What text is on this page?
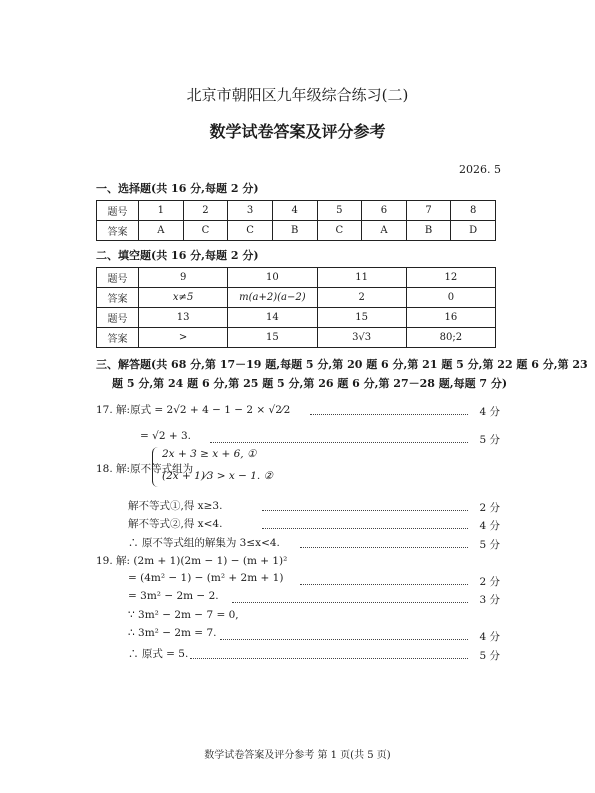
北京市朝阳区九年级综合练习(二)
数学试卷答案及评分参考
2026. 5
一、选择题(共 16 分,每题 2 分)
题号	1	2	3	4	5	6	7	8
答案	A	C	C	B	C	A	B	D
二、填空题(共 16 分,每题 2 分)
题号	9	10	11	12
答案	x≠5	m(a+2)(a−2)	2	0
题号	13	14	15	16
答案	>	15	3√3	80;2
三、解答题(共 68 分,第 17－19 题,每题 5 分,第 20 题 6 分,第 21 题 5 分,第 22 题 6 分,第 23
题 5 分,第 24 题 6 分,第 25 题 5 分,第 26 题 6 分,第 27－28 题,每题 7 分)
17. 解:原式 = 2√2 + 4 − 1 − 2 × √2⁄2	4 分
= √2 + 3.	5 分
18. 解:原不等式组为
2x + 3 ≥ x + 6, ①
(2x + 1)⁄3 > x − 1. ②
解不等式①,得 x≥3.	2 分
解不等式②,得 x<4.	4 分
∴ 原不等式组的解集为 3≤x<4.	5 分
19. 解: (2m + 1)(2m − 1) − (m + 1)²
= (4m² − 1) − (m² + 2m + 1)	2 分
= 3m² − 2m − 2.	3 分
∵ 3m² − 2m − 7 = 0,
∴ 3m² − 2m = 7.	4 分
∴ 原式 = 5.	5 分
数学试卷答案及评分参考 第 1 页(共 5 页)
